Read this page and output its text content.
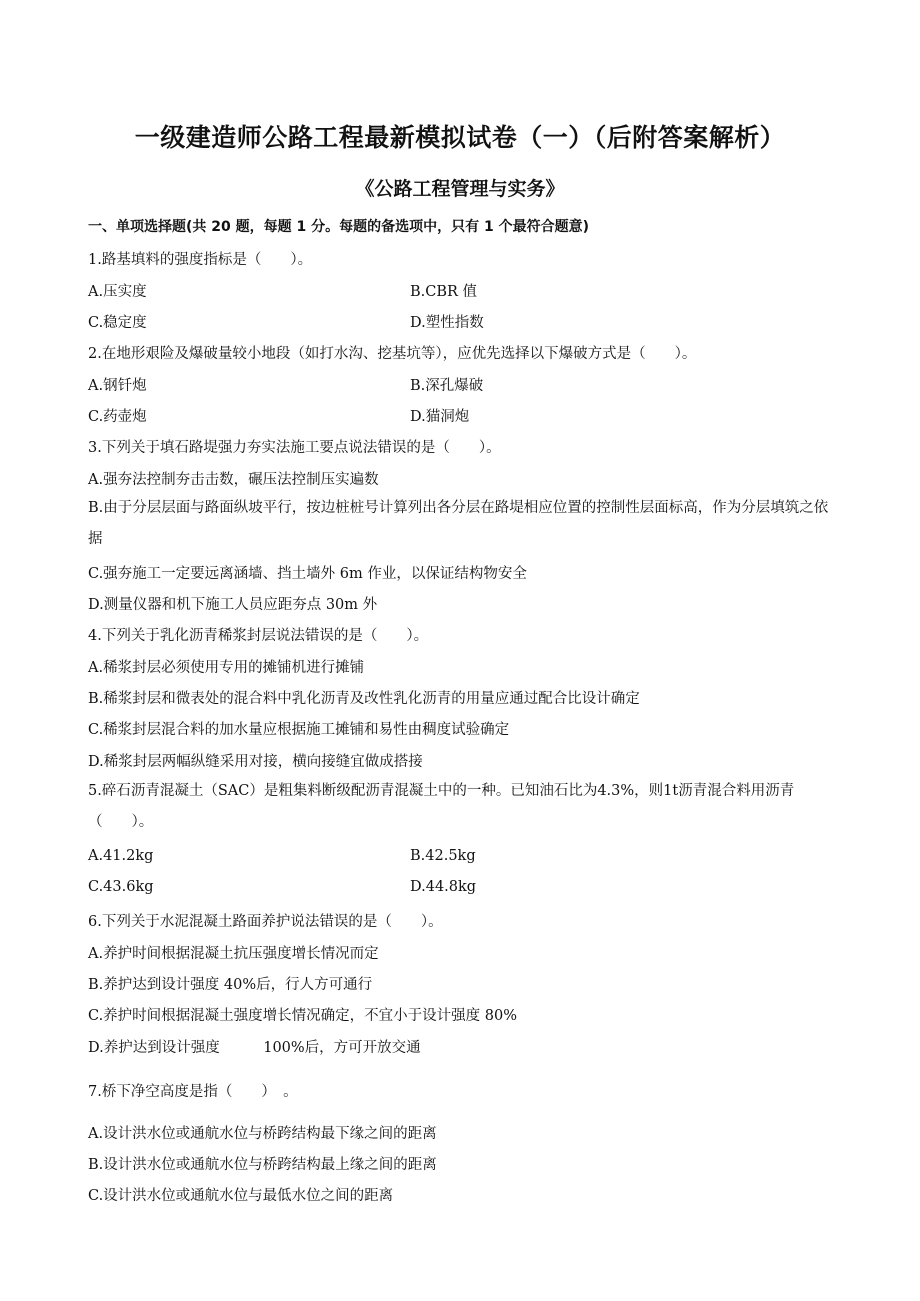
一级建造师公路工程最新模拟试卷（一）（后附答案解析）
《公路工程管理与实务》
一、单项选择题(共 20 题，每题 1 分。每题的备选项中，只有 1 个最符合题意)
1.路基填料的强度指标是（　　）。
A.压实度	B.CBR 值
C.稳定度	D.塑性指数
2.在地形艰险及爆破量较小地段（如打水沟、挖基坑等），应优先选择以下爆破方式是（　　）。
A.钢钎炮	B.深孔爆破
C.药壶炮	D.猫洞炮
3.下列关于填石路堤强力夯实法施工要点说法错误的是（　　）。
A.强夯法控制夯击击数，碾压法控制压实遍数
B.由于分层层面与路面纵坡平行，按边桩桩号计算列出各分层在路堤相应位置的控制性层面标高，作为分层填筑之依据
C.强夯施工一定要远离涵墙、挡土墙外 6m 作业，以保证结构物安全
D.测量仪器和机下施工人员应距夯点 30m 外
4.下列关于乳化沥青稀浆封层说法错误的是（　　）。
A.稀浆封层必须使用专用的摊铺机进行摊铺
B.稀浆封层和微表处的混合料中乳化沥青及改性乳化沥青的用量应通过配合比设计确定
C.稀浆封层混合料的加水量应根据施工摊铺和易性由稠度试验确定
D.稀浆封层两幅纵缝采用对接，横向接缝宜做成搭接
5.碎石沥青混凝土（SAC）是粗集料断级配沥青混凝土中的一种。已知油石比为4.3%，则1t沥青混合料用沥青（　　）。
A.41.2kg	B.42.5kg
C.43.6kg	D.44.8kg
6.下列关于水泥混凝土路面养护说法错误的是（　　）。
A.养护时间根据混凝土抗压强度增长情况而定
B.养护达到设计强度 40%后，行人方可通行
C.养护时间根据混凝土强度增长情况确定，不宜小于设计强度 80%
D.养护达到设计强度　　　100%后，方可开放交通
7.桥下净空高度是指（　　）　。
A.设计洪水位或通航水位与桥跨结构最下缘之间的距离
B.设计洪水位或通航水位与桥跨结构最上缘之间的距离
C.设计洪水位或通航水位与最低水位之间的距离
